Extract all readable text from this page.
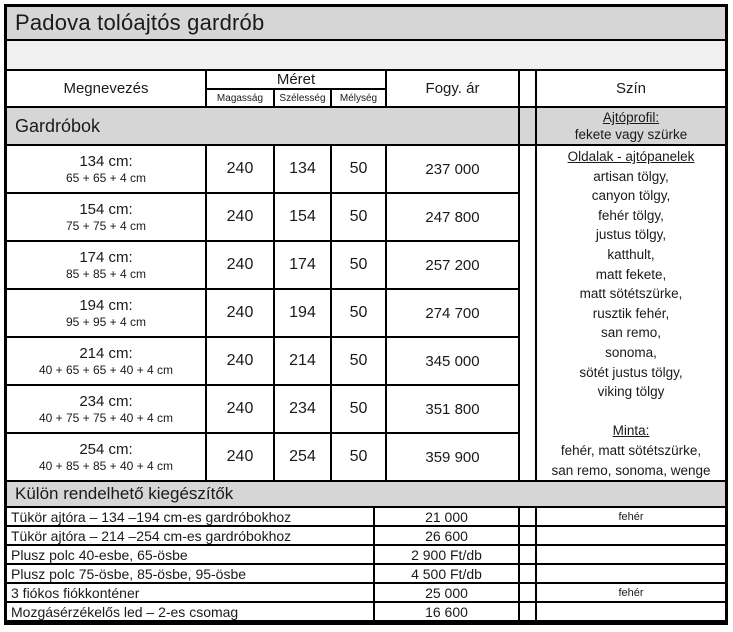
Padova tolóajtós gardrób
Megnevezés
Méret
Magasság	Szélesség	Mélység
Fogy. ár	Szín
Gardróbok	Ajtóprofil:
fekete vagy szürke
134 cm:
65 + 65 + 4 cm
240	134	50	237 000
154 cm:
75 + 75 + 4 cm
240	154	50	247 800
174 cm:
85 + 85 + 4 cm
240	174	50	257 200
194 cm:
95 + 95 + 4 cm
240	194	50	274 700
214 cm:
40 + 65 + 65 + 40 + 4 cm
240	214	50	345 000
234 cm:
40 + 75 + 75 + 40 + 4 cm
240	234	50	351 800
254 cm:
40 + 85 + 85 + 40 + 4 cm
240	254	50	359 900
Oldalak - ajtópanelek
artisan tölgy,
canyon tölgy,
fehér tölgy,
justus tölgy,
katthult,
matt fekete,
matt sötétszürke,
rusztik fehér,
san remo,
sonoma,
sötét justus tölgy,
viking tölgy
Minta:
fehér, matt sötétszürke,
san remo, sonoma, wenge
Külön rendelhető kiegészítők
Tükör ajtóra – 134 –194 cm-es gardróbokhoz	21 000	fehér
Tükör ajtóra – 214 –254 cm-es gardróbokhoz	26 600
Plusz polc 40-esbe, 65-ösbe	2 900 Ft/db
Plusz polc 75-ösbe, 85-ösbe, 95-ösbe	4 500 Ft/db
3 fiókos fiókkonténer	25 000	fehér
Mozgásérzékelős led – 2-es csomag	16 600
